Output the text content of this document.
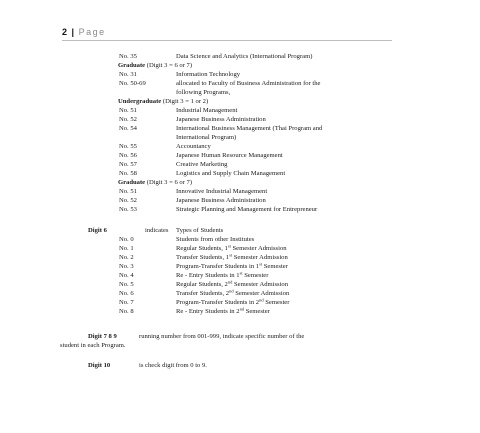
2 | Page
No. 35	Data Science and Analytics (International Program)
Graduate (Digit 3 = 6 or 7)
No. 31	Information Technology
No. 50-69	allocated to Faculty of Business Administration for the
following Programs,
Undergraduate (Digit 3 = 1 or 2)
No. 51	Industrial Management
No. 52	Japanese Business Administration
No. 54	International Business Management (Thai Program and
International Program)
No. 55	Accountancy
No. 56	Japanese Human Resource Management
No. 57	Creative Marketing
No. 58	Logistics and Supply Chain Management
Graduate (Digit 3 = 6 or 7)
No. 51	Innovative Industrial Management
No. 52	Japanese Business Administration
No. 53	Strategic Planning and Management for Entrepreneur
Digit 6	indicates Types of Students
No. 0	Students from other Institutes
No. 1	Regular Students, 1st Semester Admission
No. 2	Transfer Students, 1st Semester Admission
No. 3	Program-Transfer Students in 1st Semester
No. 4	Re - Entry Students in 1st Semester
No. 5	Regular Students, 2nd Semester Admission
No. 6	Transfer Students, 2nd Semester Admission
No. 7	Program-Transfer Students in 2nd Semester
No. 8	Re - Entry Students in 2nd Semester
Digit 7 8 9	running number from 001-999, indicate specific number of the
student in each Program.
Digit 10	is check digit from 0 to 9.
